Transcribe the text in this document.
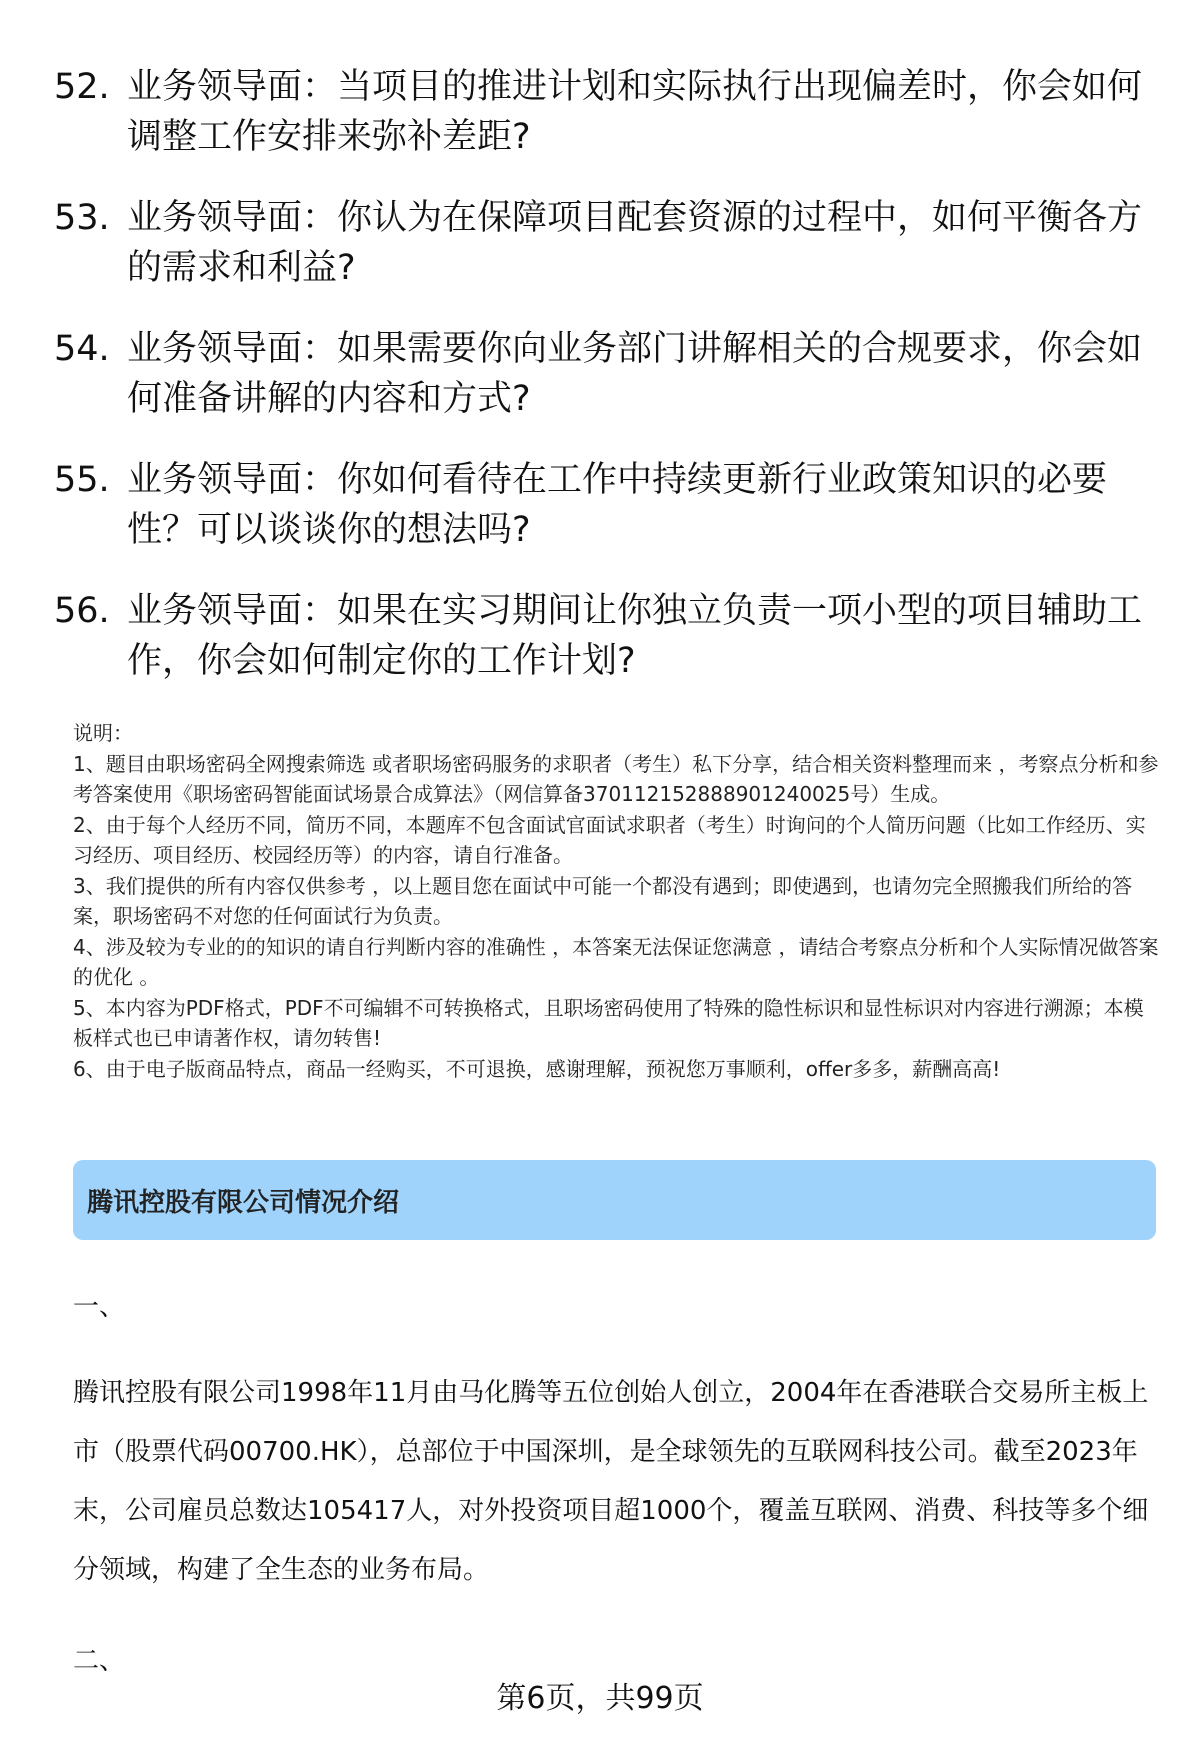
52. 业务领导面：当项目的推进计划和实际执行出现偏差时，你会如何调整工作安排来弥补差距?
53. 业务领导面：你认为在保障项目配套资源的过程中，如何平衡各方的需求和利益?
54. 业务领导面：如果需要你向业务部门讲解相关的合规要求，你会如何准备讲解的内容和方式?
55. 业务领导面：你如何看待在工作中持续更新行业政策知识的必要性？可以谈谈你的想法吗?
56. 业务领导面：如果在实习期间让你独立负责一项小型的项目辅助工作，你会如何制定你的工作计划?
说明：
1、题目由职场密码全网搜索筛选 或者职场密码服务的求职者（考生）私下分享，结合相关资料整理而来 ，考察点分析和参考答案使用《职场密码智能面试场景合成算法》（网信算备370112152888901240025号）生成。
2、由于每个人经历不同，简历不同，本题库不包含面试官面试求职者（考生）时询问的个人简历问题（比如工作经历、实习经历、项目经历、校园经历等）的内容，请自行准备。
3、我们提供的所有内容仅供参考 ，以上题目您在面试中可能一个都没有遇到；即使遇到，也请勿完全照搬我们所给的答案，职场密码不对您的任何面试行为负责。
4、涉及较为专业的的知识的请自行判断内容的准确性 ，本答案无法保证您满意 ，请结合考察点分析和个人实际情况做答案的优化 。
5、本内容为PDF格式，PDF不可编辑不可转换格式，且职场密码使用了特殊的隐性标识和显性标识对内容进行溯源；本模板样式也已申请著作权，请勿转售!
6、由于电子版商品特点，商品一经购买，不可退换，感谢理解，预祝您万事顺利，offer多多，薪酬高高!
腾讯控股有限公司情况介绍
一、
腾讯控股有限公司1998年11月由马化腾等五位创始人创立，2004年在香港联合交易所主板上市（股票代码00700.HK），总部位于中国深圳，是全球领先的互联网科技公司。截至2023年末，公司雇员总数达105417人，对外投资项目超1000个，覆盖互联网、消费、科技等多个细分领域，构建了全生态的业务布局。
二、
第6页，共99页
